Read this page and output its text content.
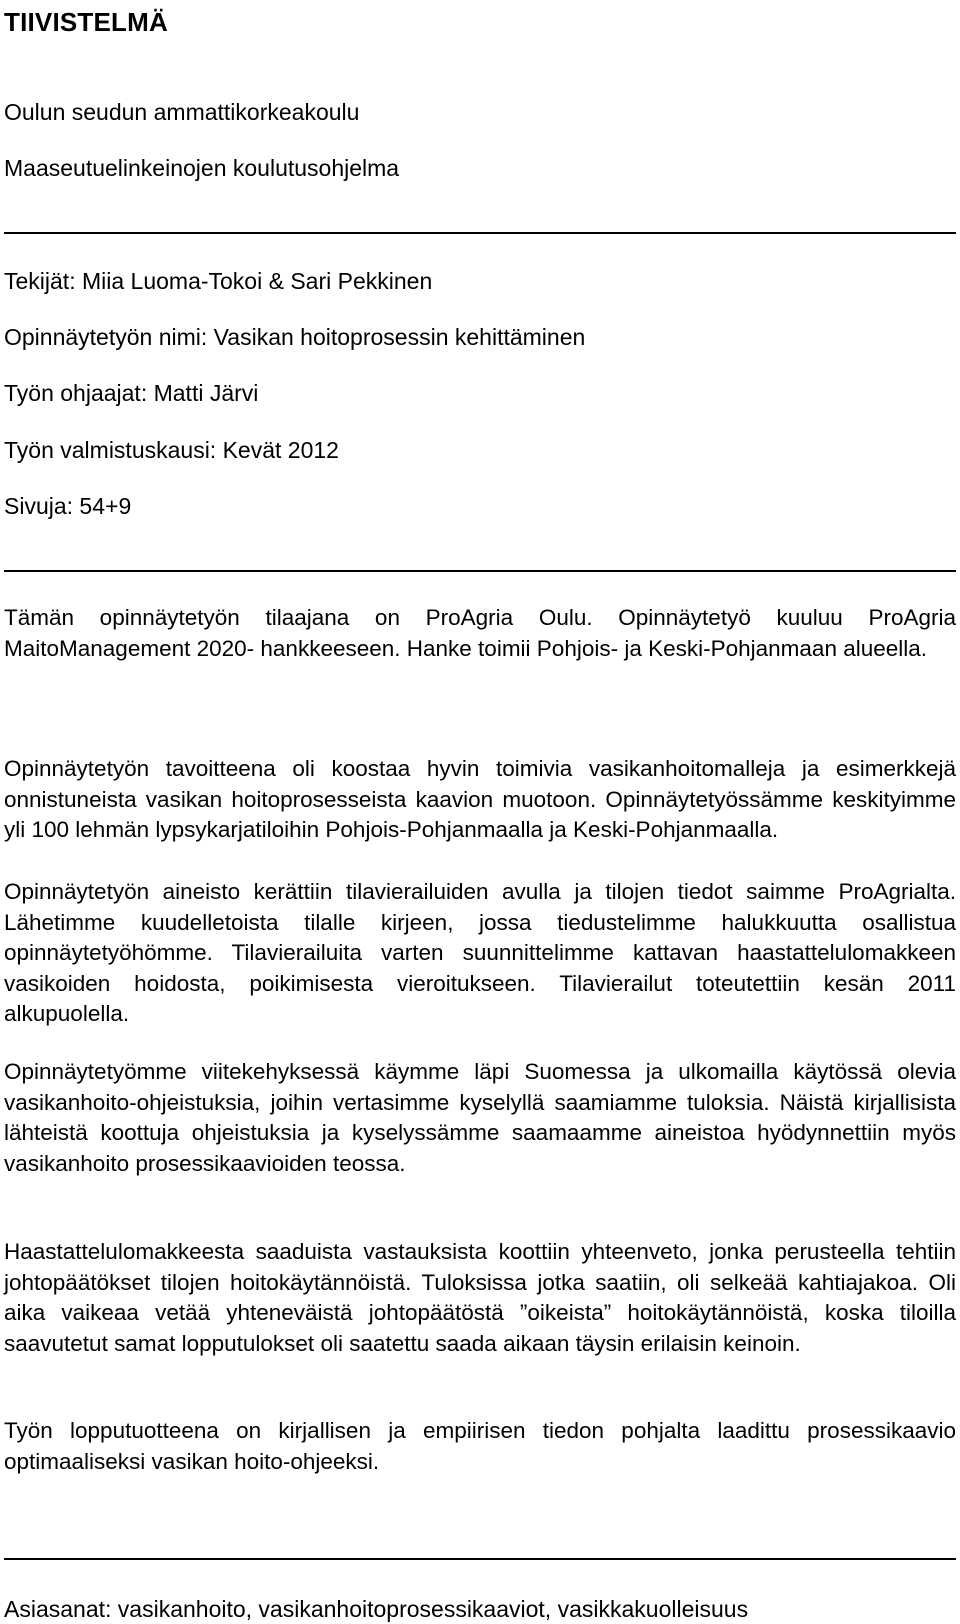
TIIVISTELMÄ
Oulun seudun ammattikorkeakoulu
Maaseutuelinkeinojen koulutusohjelma
Tekijät: Miia Luoma-Tokoi & Sari Pekkinen
Opinnäytetyön nimi: Vasikan hoitoprosessin kehittäminen
Työn ohjaajat: Matti Järvi
Työn valmistuskausi: Kevät 2012
Sivuja: 54+9

Tämän opinnäytetyön tilaajana on ProAgria Oulu. Opinnäytetyö kuuluu ProAgria MaitoManagement 2020- hankkeeseen. Hanke toimii Pohjois- ja Keski-Pohjanmaan alueella.

Opinnäytetyön tavoitteena oli koostaa hyvin toimivia vasikanhoitomalleja ja esimerkkejä onnistuneista vasikan hoitoprosesseista kaavion muotoon. Opinnäytetyössämme keskityimme yli 100 lehmän lypsykarjatiloihin Pohjois-Pohjanmaalla ja Keski-Pohjanmaalla.

Opinnäytetyön aineisto kerättiin tilavierailuiden avulla ja tilojen tiedot saimme ProAgrialta. Lähetimme kuudelletoista tilalle kirjeen, jossa tiedustelimme halukkuutta osallistua opinnäytetyöhömme. Tilavierailuita varten suunnittelimme kattavan haastattelulomakkeen vasikoiden hoidosta, poikimisesta vieroitukseen. Tilavierailut toteutettiin kesän 2011 alkupuolella.

Opinnäytetyömme viitekehyksessä käymme läpi Suomessa ja ulkomailla käytössä olevia vasikanhoito-ohjeistuksia, joihin vertasimme kyselyllä saamiamme tuloksia. Näistä kirjallisista lähteistä koottuja ohjeistuksia ja kyselyssämme saamaamme aineistoa hyödynnettiin myös vasikanhoito prosessikaavioiden teossa.

Haastattelulomakkeesta saaduista vastauksista koottiin yhteenveto, jonka perusteella tehtiin johtopäätökset tilojen hoitokäytännöistä. Tuloksissa jotka saatiin, oli selkeää kahtiajakoa. Oli aika vaikeaa vetää yhteneväistä johtopäätöstä ”oikeista” hoitokäytännöistä, koska tiloilla saavutetut samat lopputulokset oli saatettu saada aikaan täysin erilaisin keinoin.

Työn lopputuotteena on kirjallisen ja empiirisen tiedon pohjalta laadittu prosessikaavio optimaaliseksi vasikan hoito-ohjeeksi.

Asiasanat: vasikanhoito, vasikanhoitoprosessikaaviot, vasikkakuolleisuus
